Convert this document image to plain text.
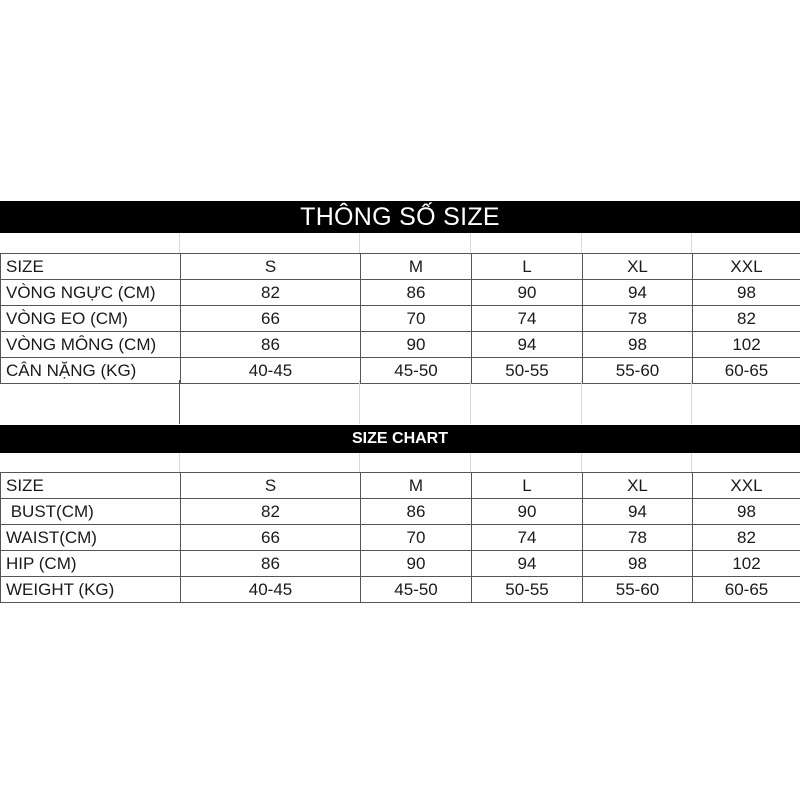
THÔNG SỐ SIZE
SIZE	S	M	L	XL	XXL
VÒNG NGỰC (CM)	82	86	90	94	98
VÒNG EO (CM)	66	70	74	78	82
VÒNG MÔNG (CM)	86	90	94	98	102
CÂN NẶNG (KG)	40-45	45-50	50-55	55-60	60-65
SIZE CHART
SIZE	S	M	L	XL	XXL
BUST(CM)	82	86	90	94	98
WAIST(CM)	66	70	74	78	82
HIP (CM)	86	90	94	98	102
WEIGHT (KG)	40-45	45-50	50-55	55-60	60-65
